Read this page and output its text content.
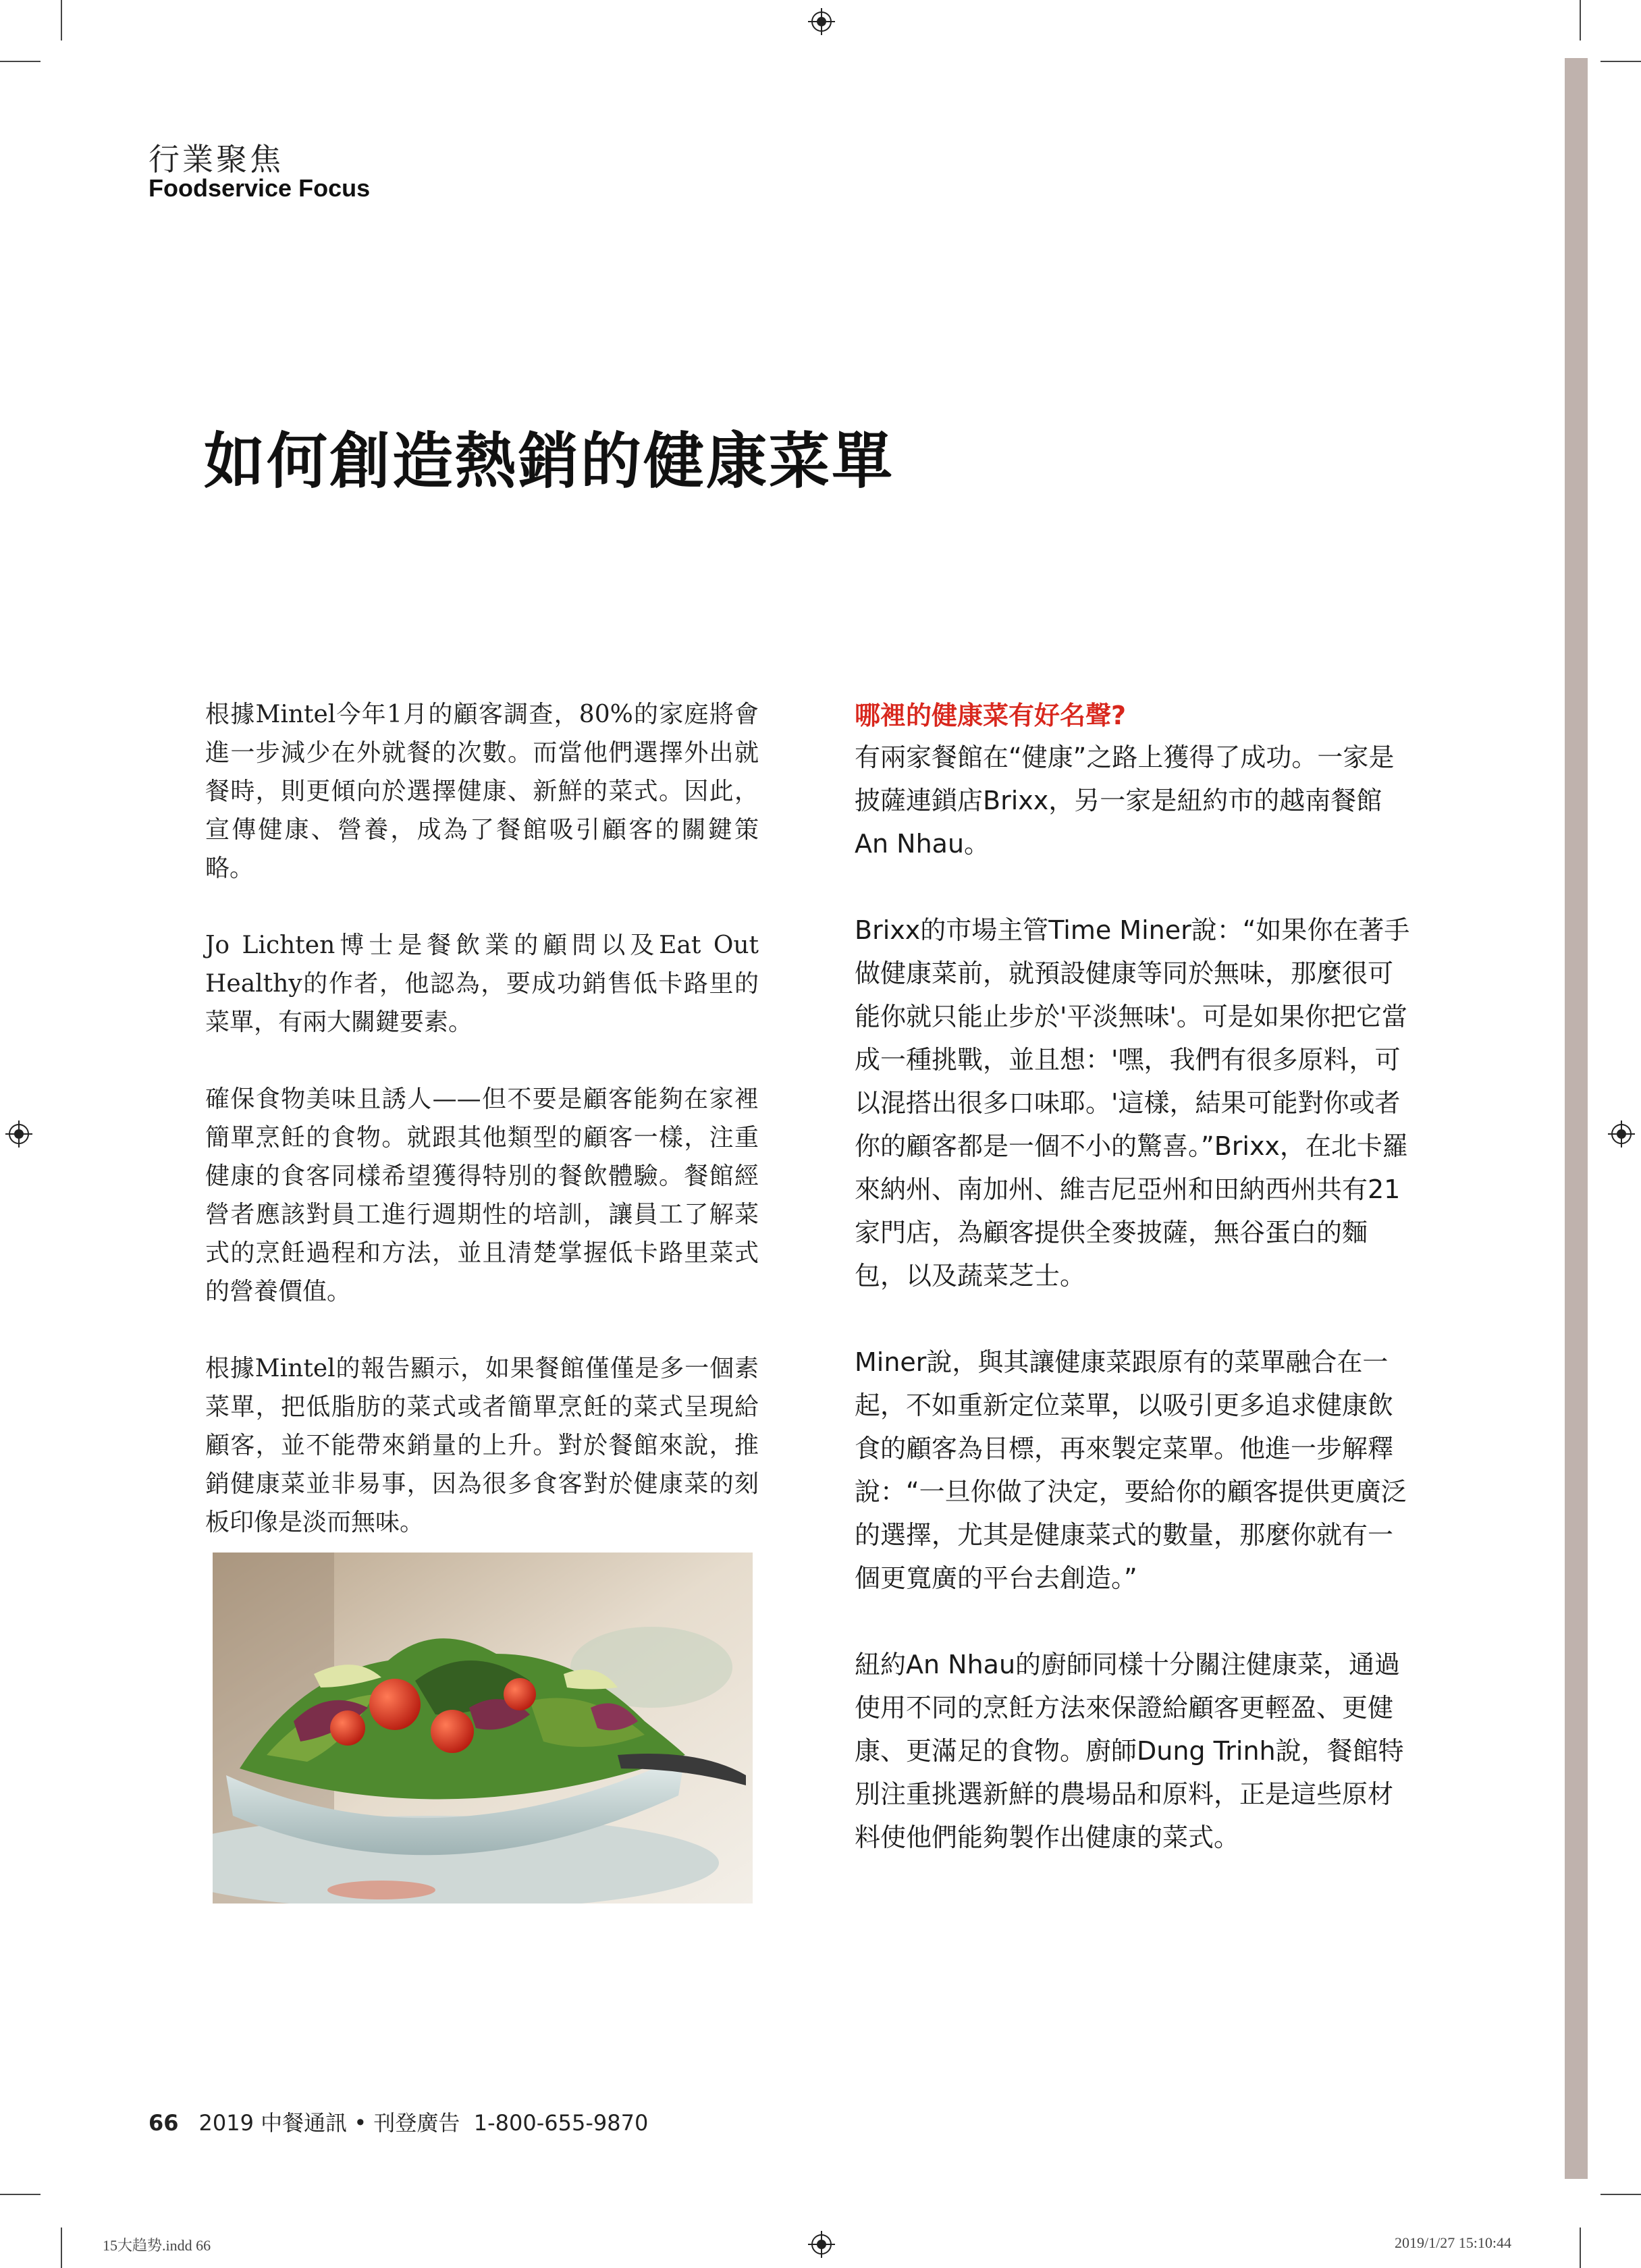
行業聚焦
Foodservice Focus
如何創造熱銷的健康菜單

根據Mintel今年1月的顧客調查，80%的家庭將會進一步減少在外就餐的次數。而當他們選擇外出就餐時，則更傾向於選擇健康、新鮮的菜式。因此，宣傳健康、營養，成為了餐館吸引顧客的關鍵策略。

Jo Lichten博士是餐飲業的顧問以及Eat Out Healthy的作者，他認為，要成功銷售低卡路里的菜單，有兩大關鍵要素。

確保食物美味且誘人——但不要是顧客能夠在家裡簡單烹飪的食物。就跟其他類型的顧客一樣，注重健康的食客同樣希望獲得特別的餐飲體驗。餐館經營者應該對員工進行週期性的培訓，讓員工了解菜式的烹飪過程和方法，並且清楚掌握低卡路里菜式的營養價值。

根據Mintel的報告顯示，如果餐館僅僅是多一個素菜單，把低脂肪的菜式或者簡單烹飪的菜式呈現給顧客，並不能帶來銷量的上升。對於餐館來說，推銷健康菜並非易事，因為很多食客對於健康菜的刻板印像是淡而無味。

哪裡的健康菜有好名聲?

有兩家餐館在“健康”之路上獲得了成功。一家是披薩連鎖店Brixx，另一家是紐約市的越南餐館An Nhau。

Brixx的市場主管Time Miner說：“如果你在著手做健康菜前，就預設健康等同於無味，那麼很可能你就只能止步於'平淡無味'。可是如果你把它當成一種挑戰，並且想：'嘿，我們有很多原料，可以混搭出很多口味耶。'這樣，結果可能對你或者你的顧客都是一個不小的驚喜。”Brixx，在北卡羅來納州、南加州、維吉尼亞州和田納西州共有21家門店，為顧客提供全麥披薩，無谷蛋白的麵包，以及蔬菜芝士。

Miner說，與其讓健康菜跟原有的菜單融合在一起，不如重新定位菜單，以吸引更多追求健康飲食的顧客為目標，再來製定菜單。他進一步解釋說：“一旦你做了決定，要給你的顧客提供更廣泛的選擇，尤其是健康菜式的數量，那麼你就有一個更寬廣的平台去創造。”

紐約An Nhau的廚師同樣十分關注健康菜，通過使用不同的烹飪方法來保證給顧客更輕盈、更健康、更滿足的食物。廚師Dung Trinh說，餐館特別注重挑選新鮮的農場品和原料，正是這些原材料使他們能夠製作出健康的菜式。

66 2019 中餐通訊 • 刊登廣告 1-800-655-9870
15大趋势.indd 66	2019/1/27 15:10:44
